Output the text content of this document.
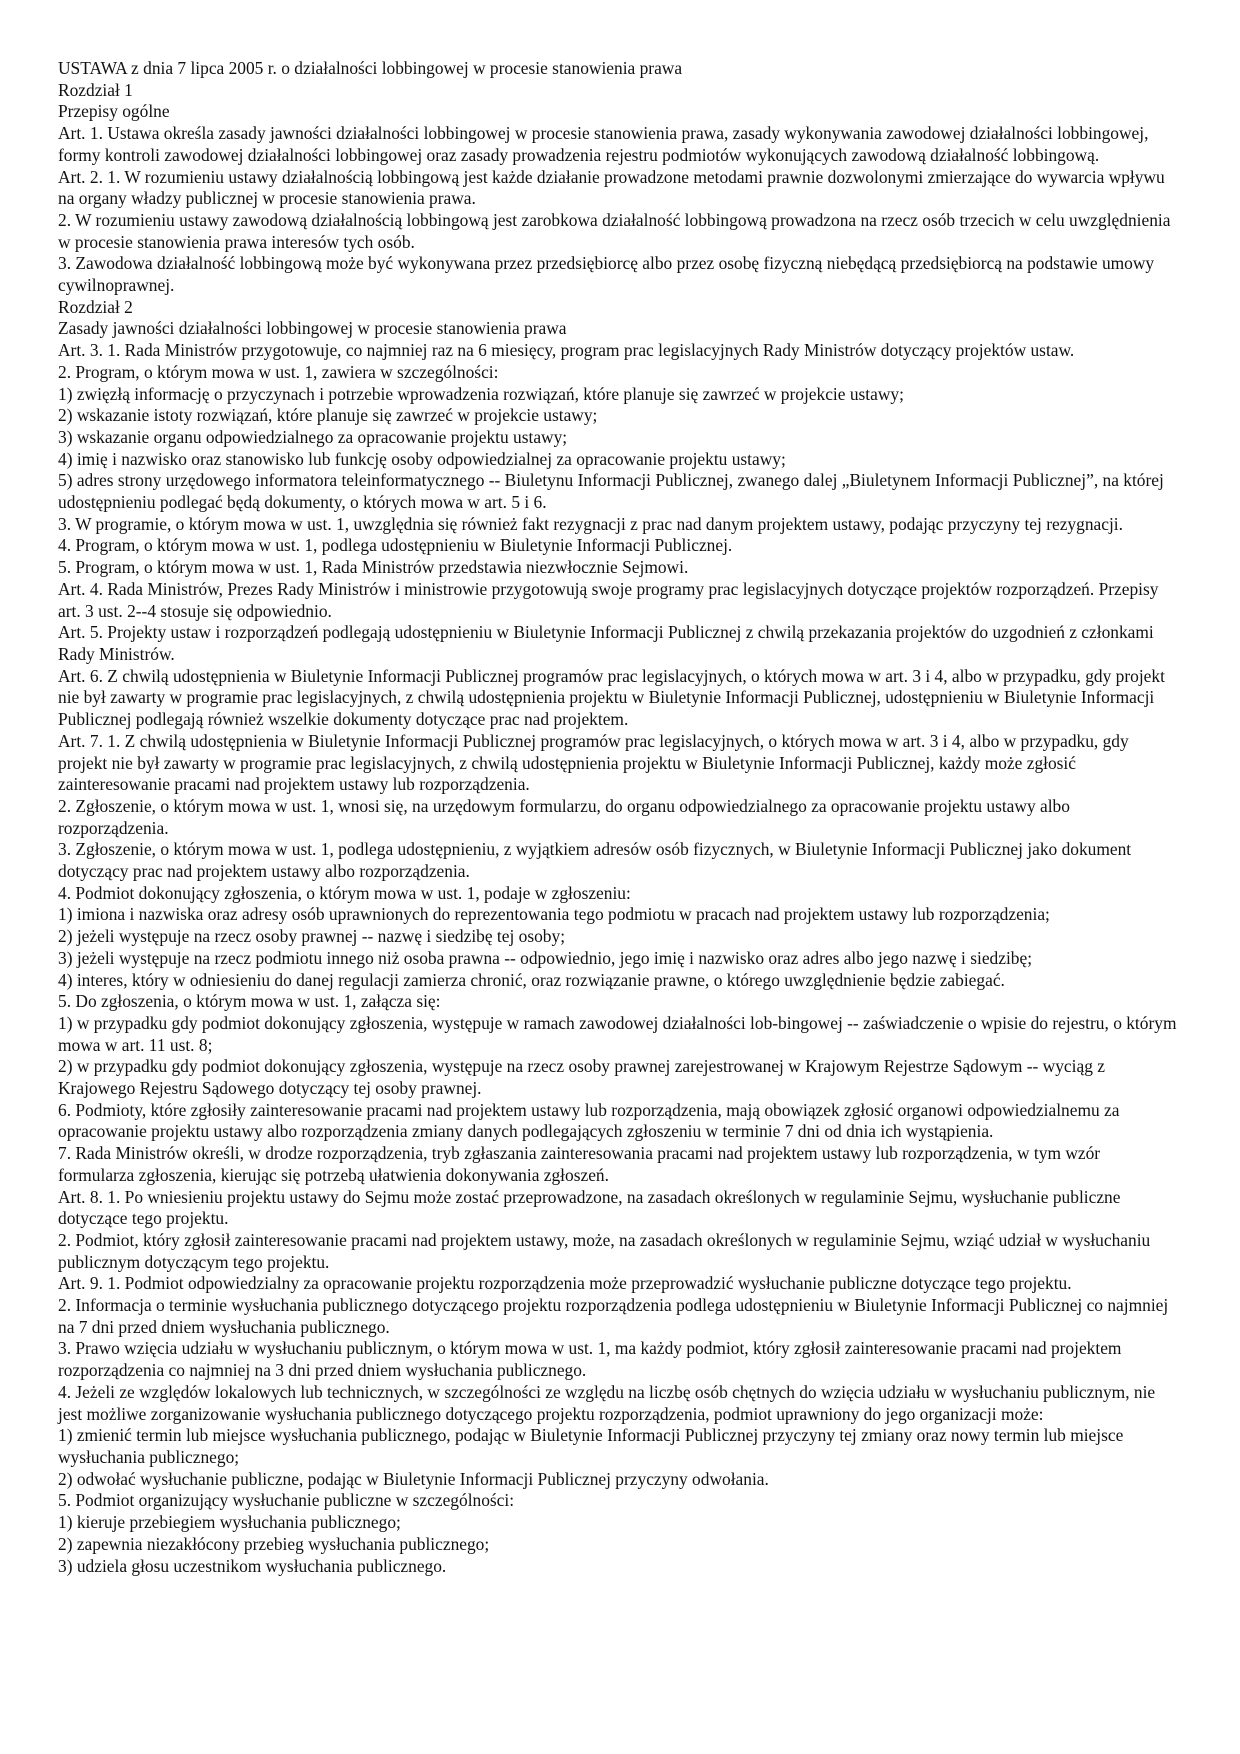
USTAWA z dnia 7 lipca 2005 r. o działalności lobbingowej w procesie stanowienia prawa

Rozdział 1

Przepisy ogólne

Art. 1. Ustawa określa zasady jawności działalności lobbingowej w procesie stanowienia prawa, zasady wykonywania zawodowej działalności lobbingowej, formy kontroli zawodowej działalności lobbingowej oraz zasady prowadzenia rejestru podmiotów wykonujących zawodową działalność lobbingową.

Art. 2. 1. W rozumieniu ustawy działalnością lobbingową jest każde działanie prowadzone metodami prawnie dozwolonymi zmierzające do wywarcia wpływu na organy władzy publicznej w procesie stanowienia prawa.

2. W rozumieniu ustawy zawodową działalnością lobbingową jest zarobkowa działalność lobbingową prowadzona na rzecz osób trzecich w celu uwzględnienia w procesie stanowienia prawa interesów tych osób.

3. Zawodowa działalność lobbingową może być wykonywana przez przedsiębiorcę albo przez osobę fizyczną niebędącą przedsiębiorcą na podstawie umowy cywilnoprawnej.

Rozdział 2

Zasady jawności działalności lobbingowej w procesie stanowienia prawa

Art. 3. 1. Rada Ministrów przygotowuje, co najmniej raz na 6 miesięcy, program prac legislacyjnych Rady Ministrów dotyczący projektów ustaw.

2. Program, o którym mowa w ust. 1, zawiera w szczególności:

1) zwięzłą informację o przyczynach i potrzebie wprowadzenia rozwiązań, które planuje się zawrzeć w projekcie ustawy;

2) wskazanie istoty rozwiązań, które planuje się zawrzeć w projekcie ustawy;

3) wskazanie organu odpowiedzialnego za opracowanie projektu ustawy;

4) imię i nazwisko oraz stanowisko lub funkcję osoby odpowiedzialnej za opracowanie projektu ustawy;

5) adres strony urzędowego informatora teleinformatycznego -- Biuletynu Informacji Publicznej, zwanego dalej „Biuletynem Informacji Publicznej”, na której udostępnieniu podlegać będą dokumenty, o których mowa w art. 5 i 6.

3. W programie, o którym mowa w ust. 1, uwzględnia się również fakt rezygnacji z prac nad danym projektem ustawy, podając przyczyny tej rezygnacji.

4. Program, o którym mowa w ust. 1, podlega udostępnieniu w Biuletynie Informacji Publicznej.

5. Program, o którym mowa w ust. 1, Rada Ministrów przedstawia niezwłocznie Sejmowi.

Art. 4. Rada Ministrów, Prezes Rady Ministrów i ministrowie przygotowują swoje programy prac legislacyjnych dotyczące projektów rozporządzeń. Przepisy art. 3 ust. 2--4 stosuje się odpowiednio.

Art. 5. Projekty ustaw i rozporządzeń podlegają udostępnieniu w Biuletynie Informacji Publicznej z chwilą przekazania projektów do uzgodnień z członkami Rady Ministrów.

Art. 6. Z chwilą udostępnienia w Biuletynie Informacji Publicznej programów prac legislacyjnych, o których mowa w art. 3 i 4, albo w przypadku, gdy projekt nie był zawarty w programie prac legislacyjnych, z chwilą udostępnienia projektu w Biuletynie Informacji Publicznej, udostępnieniu w Biuletynie Informacji Publicznej podlegają również wszelkie dokumenty dotyczące prac nad projektem.

Art. 7. 1. Z chwilą udostępnienia w Biuletynie Informacji Publicznej programów prac legislacyjnych, o których mowa w art. 3 i 4, albo w przypadku, gdy projekt nie był zawarty w programie prac legislacyjnych, z chwilą udostępnienia projektu w Biuletynie Informacji Publicznej, każdy może zgłosić zainteresowanie pracami nad projektem ustawy lub rozporządzenia.

2. Zgłoszenie, o którym mowa w ust. 1, wnosi się, na urzędowym formularzu, do organu odpowiedzialnego za opracowanie projektu ustawy albo rozporządzenia.

3. Zgłoszenie, o którym mowa w ust. 1, podlega udostępnieniu, z wyjątkiem adresów osób fizycznych, w Biuletynie Informacji Publicznej jako dokument dotyczący prac nad projektem ustawy albo rozporządzenia.

4. Podmiot dokonujący zgłoszenia, o którym mowa w ust. 1, podaje w zgłoszeniu:

1) imiona i nazwiska oraz adresy osób uprawnionych do reprezentowania tego podmiotu w pracach nad projektem ustawy lub rozporządzenia;

2) jeżeli występuje na rzecz osoby prawnej -- nazwę i siedzibę tej osoby;

3) jeżeli występuje na rzecz podmiotu innego niż osoba prawna -- odpowiednio, jego imię i nazwisko oraz adres albo jego nazwę i siedzibę;

4) interes, który w odniesieniu do danej regulacji zamierza chronić, oraz rozwiązanie prawne, o którego uwzględnienie będzie zabiegać.

5. Do zgłoszenia, o którym mowa w ust. 1, załącza się:

1) w przypadku gdy podmiot dokonujący zgłoszenia, występuje w ramach zawodowej działalności lob-bingowej -- zaświadczenie o wpisie do rejestru, o którym mowa w art. 11 ust. 8;

2) w przypadku gdy podmiot dokonujący zgłoszenia, występuje na rzecz osoby prawnej zarejestrowanej w Krajowym Rejestrze Sądowym -- wyciąg z Krajowego Rejestru Sądowego dotyczący tej osoby prawnej.

6. Podmioty, które zgłosiły zainteresowanie pracami nad projektem ustawy lub rozporządzenia, mają obowiązek zgłosić organowi odpowiedzialnemu za opracowanie projektu ustawy albo rozporządzenia zmiany danych podlegających zgłoszeniu w terminie 7 dni od dnia ich wystąpienia.

7. Rada Ministrów określi, w drodze rozporządzenia, tryb zgłaszania zainteresowania pracami nad projektem ustawy lub rozporządzenia, w tym wzór formularza zgłoszenia, kierując się potrzebą ułatwienia dokonywania zgłoszeń.

Art. 8. 1. Po wniesieniu projektu ustawy do Sejmu może zostać przeprowadzone, na zasadach określonych w regulaminie Sejmu, wysłuchanie publiczne dotyczące tego projektu.

2. Podmiot, który zgłosił zainteresowanie pracami nad projektem ustawy, może, na zasadach określonych w regulaminie Sejmu, wziąć udział w wysłuchaniu publicznym dotyczącym tego projektu.

Art. 9. 1. Podmiot odpowiedzialny za opracowanie projektu rozporządzenia może przeprowadzić wysłuchanie publiczne dotyczące tego projektu.

2. Informacja o terminie wysłuchania publicznego dotyczącego projektu rozporządzenia podlega udostępnieniu w Biuletynie Informacji Publicznej co najmniej na 7 dni przed dniem wysłuchania publicznego.

3. Prawo wzięcia udziału w wysłuchaniu publicznym, o którym mowa w ust. 1, ma każdy podmiot, który zgłosił zainteresowanie pracami nad projektem rozporządzenia co najmniej na 3 dni przed dniem wysłuchania publicznego.

4. Jeżeli ze względów lokalowych lub technicznych, w szczególności ze względu na liczbę osób chętnych do wzięcia udziału w wysłuchaniu publicznym, nie jest możliwe zorganizowanie wysłuchania publicznego dotyczącego projektu rozporządzenia, podmiot uprawniony do jego organizacji może:

1) zmienić termin lub miejsce wysłuchania publicznego, podając w Biuletynie Informacji Publicznej przyczyny tej zmiany oraz nowy termin lub miejsce wysłuchania publicznego;

2) odwołać wysłuchanie publiczne, podając w Biuletynie Informacji Publicznej przyczyny odwołania.

5. Podmiot organizujący wysłuchanie publiczne w szczególności:

1) kieruje przebiegiem wysłuchania publicznego;

2) zapewnia niezakłócony przebieg wysłuchania publicznego;

3) udziela głosu uczestnikom wysłuchania publicznego.
